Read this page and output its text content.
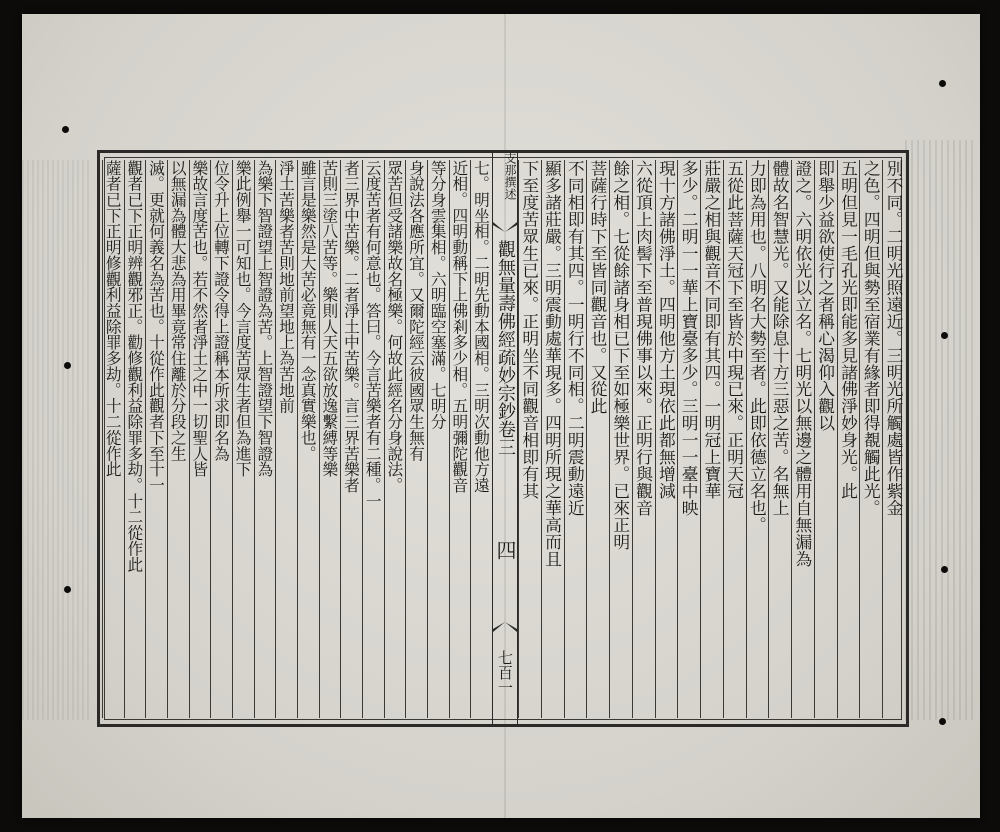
支那撰述
觀無量壽佛經疏妙宗鈔卷三
四
七百一
別不同。二明光照遠近。三明光所觸處皆作紫金
之色。四明但與勢至宿業有緣者即得覩觸此光。
五明但見一毛孔光即能多見諸佛淨妙身光。此
即舉少益欲使行之者稱心渴仰入觀以
證之。六明依光以立名。七明光以無邊之體用自無漏為
體故名智慧光。又能除息十方三惡之苦。名無上
力即為用也。八明名大勢至者。此即依德立名也。
五從此菩薩天冠下至皆於中現已來。正明天冠
莊嚴之相與觀音不同即有其四。一明冠上寶華
多少。二明一一華上寶臺多少。三明一一臺中映
現十方諸佛淨土。四明他方土現依此都無增減
六從頂上肉髻下至普現佛事以來。正明行與觀音
餘之相。七從餘諸身相已下至如極樂世界。已來正明
菩薩行時下至皆同觀音也。又從此
不同相即有其四。一明行不同相。二明震動遠近
顯多諸莊嚴。三明震動處華現多。四明所現之華高而且
下至度苦眾生已來。正明坐不同觀音相即有其
七。明坐相。二明先動本國相。三明次動他方遠
近相。四明動稱下上佛剎多少相。五明彌陀觀音
等分身雲集相。六明臨空塞滿。七明分
身說法各應所宜。又爾陀經云彼國眾生無有
眾苦但受諸樂故名極樂。何故此經名分身說法。
云度苦者有何意也。答曰。今言苦樂者有二種。一
者三界中苦樂。二者淨土中苦樂。言三界苦樂者
苦則三塗八苦等。樂則人天五欲放逸繫縛等樂
雖言是樂然是大苦必竟無有一念真實樂也。
淨土苦樂者苦則地前望地上為苦地前
為樂下智證望上智證為苦。上智證望下智證為
樂此例舉一可知也。今言度苦眾生者但為進下
位令升上位轉下證令得上證稱本所求即名為
樂故言度苦也。若不然者淨土之中一切聖人皆
以無漏為體大悲為用畢竟常住離於分段之生
滅。更就何義名為苦也。十從作此觀者下至十一
觀者已下正明辨觀邪正。勸修觀利益除罪多劫。十二從作此
薩者已下正明修觀利益除罪多劫。十二從作此
